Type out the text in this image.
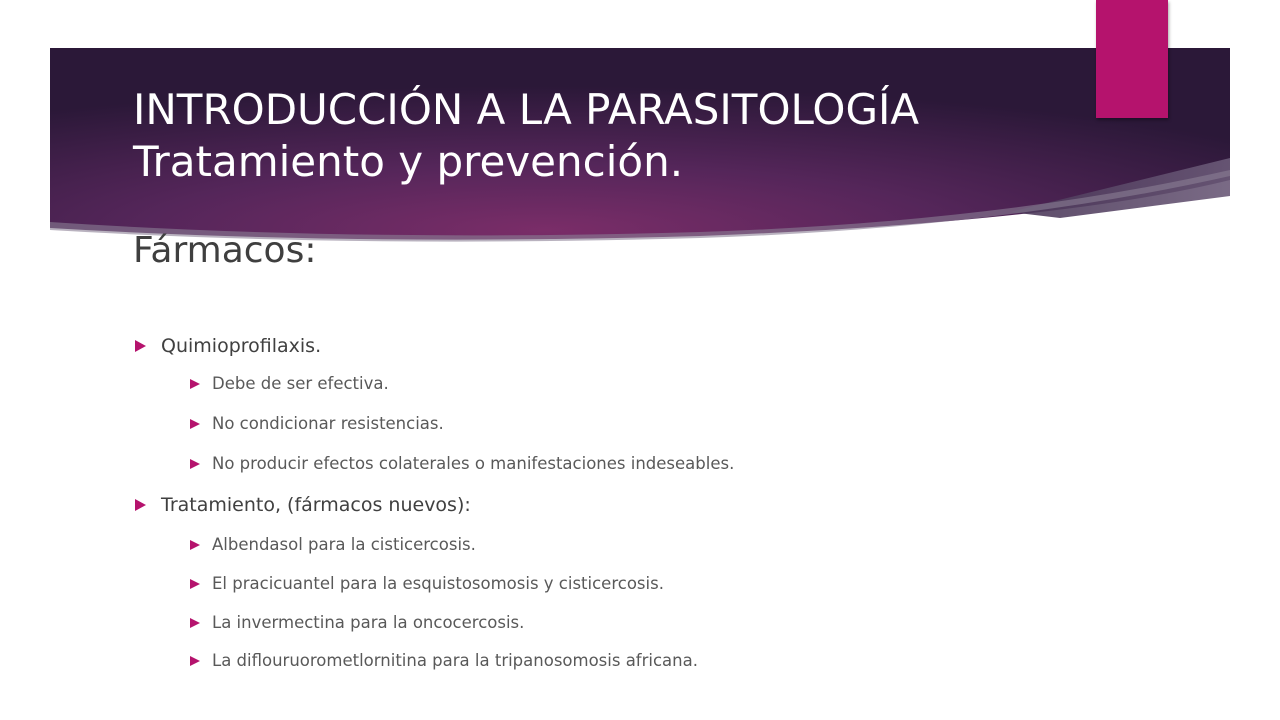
INTRODUCCIÓN A LA PARASITOLOGÍA
Tratamiento y prevención.
Fármacos:
Quimioprofilaxis.
Debe de ser efectiva.
No condicionar resistencias.
No producir efectos colaterales o manifestaciones indeseables.
Tratamiento, (fármacos nuevos):
Albendasol para la cisticercosis.
El pracicuantel para la esquistosomosis y cisticercosis.
La invermectina para la oncocercosis.
La diflouruorometlornitina para la tripanosomosis africana.
